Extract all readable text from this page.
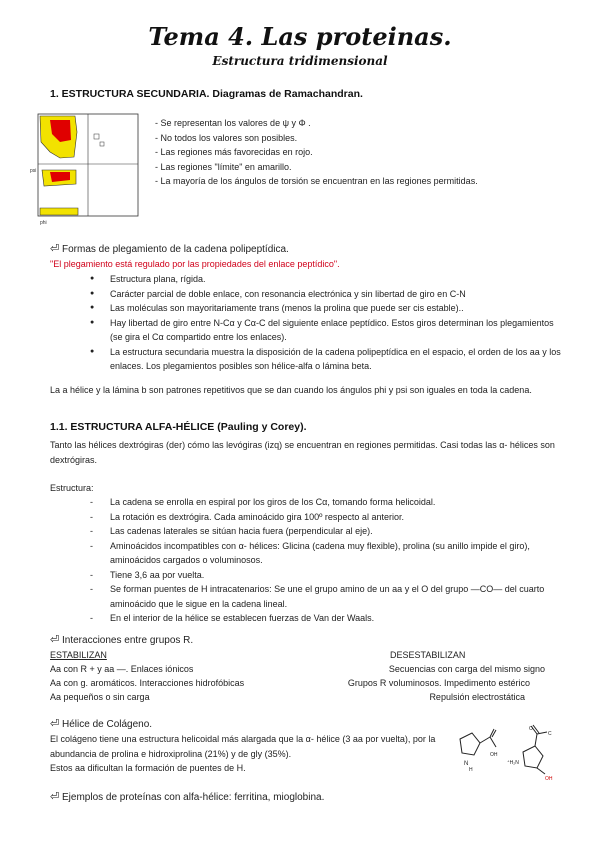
Tema 4. Las proteinas.
Estructura tridimensional
1. ESTRUCTURA SECUNDARIA. Diagramas de Ramachandran.
phi
psi
- Se representan los valores de ψ y Φ .
- No todos los valores son posibles.
- Las regiones más favorecidas en rojo.
- Las regiones "límite" en amarillo.
- La mayoría de los ángulos de torsión se encuentran en las regiones permitidas.
⏎ Formas de plegamiento de la cadena polipeptídica.
"El plegamiento está regulado por las propiedades del enlace peptídico".
● Estructura plana, rígida.
● Carácter parcial de doble enlace, con resonancia electrónica y sin libertad de giro en C-N
● Las moléculas son mayoritariamente trans (menos la prolina que puede ser cis estable)..
● Hay libertad de giro entre N-Cα y Cα-C del siguiente enlace peptídico. Estos giros determinan los plegamientos (se gira el Cα compartido entre los enlaces).
● La estructura secundaria muestra la disposición de la cadena polipeptídica en el espacio, el orden de los aa y los enlaces. Los plegamientos posibles son hélice-alfa o lámina beta.
La a hélice y la lámina b son patrones repetitivos que se dan cuando los ángulos phi y psi son iguales en toda la cadena.
1.1. ESTRUCTURA ALFA-HÉLICE (Pauling y Corey).
Tanto las hélices dextrógiras (der) cómo las levógiras (izq) se encuentran en regiones permitidas. Casi todas las α- hélices son dextrógiras.
Estructura:
- La cadena se enrolla en espiral por los giros de los Cα, tomando forma helicoidal.
- La rotación es dextrógira. Cada aminoácido gira 100º respecto al anterior.
- Las cadenas laterales se sitúan hacia fuera (perpendicular al eje).
- Aminoácidos incompatibles con α- hélices: Glicina (cadena muy flexible), prolina (su anillo impide el giro), aminoácidos cargados o voluminosos.
- Tiene 3,6 aa por vuelta.
- Se forman puentes de H intracatenarios: Se une el grupo amino de un aa y el O del grupo —CO— del cuarto aminoácido que le sigue en la cadena lineal.
- En el interior de la hélice se establecen fuerzas de Van der Waals.
⏎ Interacciones entre grupos R.
ESTABILIZAN	DESESTABILIZAN
Aa con R + y aa —. Enlaces iónicos	Secuencias con carga del mismo signo
Aa con g. aromáticos. Interacciones hidrofóbicas	Grupos R voluminosos. Impedimento estérico
Aa pequeños o sin carga	Repulsión electrostática
⏎ Hélice de Colágeno.
El colágeno tiene una estructura helicoidal más alargada que la α- hélice (3 aa por vuelta), por la abundancia de prolina e hidroxiprolina (21%) y de gly (35%).
Estos aa dificultan la formación de puentes de H.	N
H
OH
O
C
⁺H₂N
OH
⏎ Ejemplos de proteínas con alfa-hélice: ferritina, mioglobina.
